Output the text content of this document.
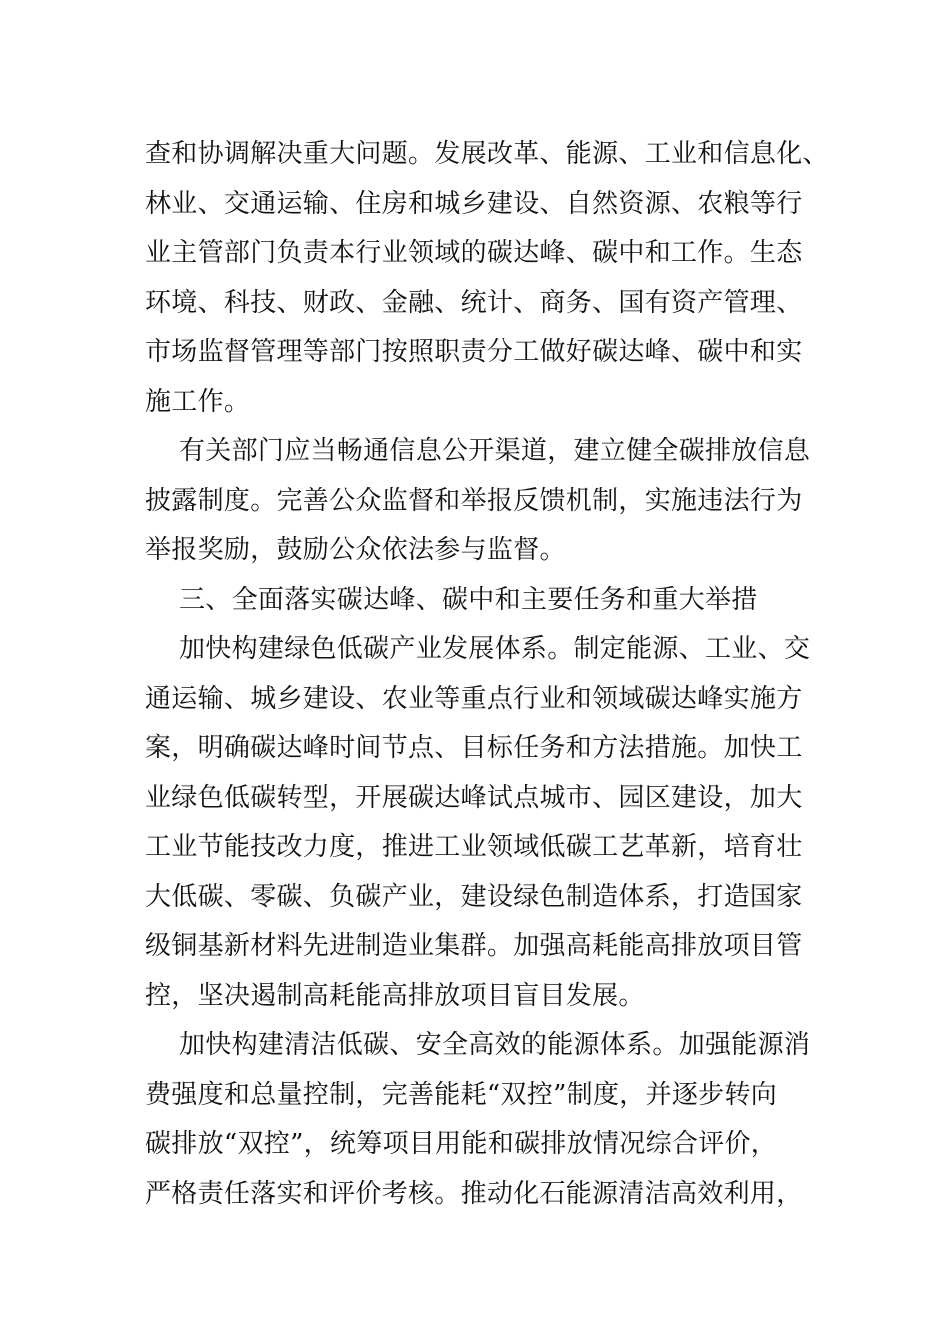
查和协调解决重大问题。发展改革、能源、工业和信息化、
林业、交通运输、住房和城乡建设、自然资源、农粮等行
业主管部门负责本行业领域的碳达峰、碳中和工作。生态
环境、科技、财政、金融、统计、商务、国有资产管理、
市场监督管理等部门按照职责分工做好碳达峰、碳中和实
施工作。
有关部门应当畅通信息公开渠道，建立健全碳排放信息
披露制度。完善公众监督和举报反馈机制，实施违法行为
举报奖励，鼓励公众依法参与监督。
三、全面落实碳达峰、碳中和主要任务和重大举措
加快构建绿色低碳产业发展体系。制定能源、工业、交
通运输、城乡建设、农业等重点行业和领域碳达峰实施方
案，明确碳达峰时间节点、目标任务和方法措施。加快工
业绿色低碳转型，开展碳达峰试点城市、园区建设，加大
工业节能技改力度，推进工业领域低碳工艺革新，培育壮
大低碳、零碳、负碳产业，建设绿色制造体系，打造国家
级铜基新材料先进制造业集群。加强高耗能高排放项目管
控，坚决遏制高耗能高排放项目盲目发展。
加快构建清洁低碳、安全高效的能源体系。加强能源消
费强度和总量控制，完善能耗“双控”制度，并逐步转向
碳排放“双控”，统筹项目用能和碳排放情况综合评价，
严格责任落实和评价考核。推动化石能源清洁高效利用，
